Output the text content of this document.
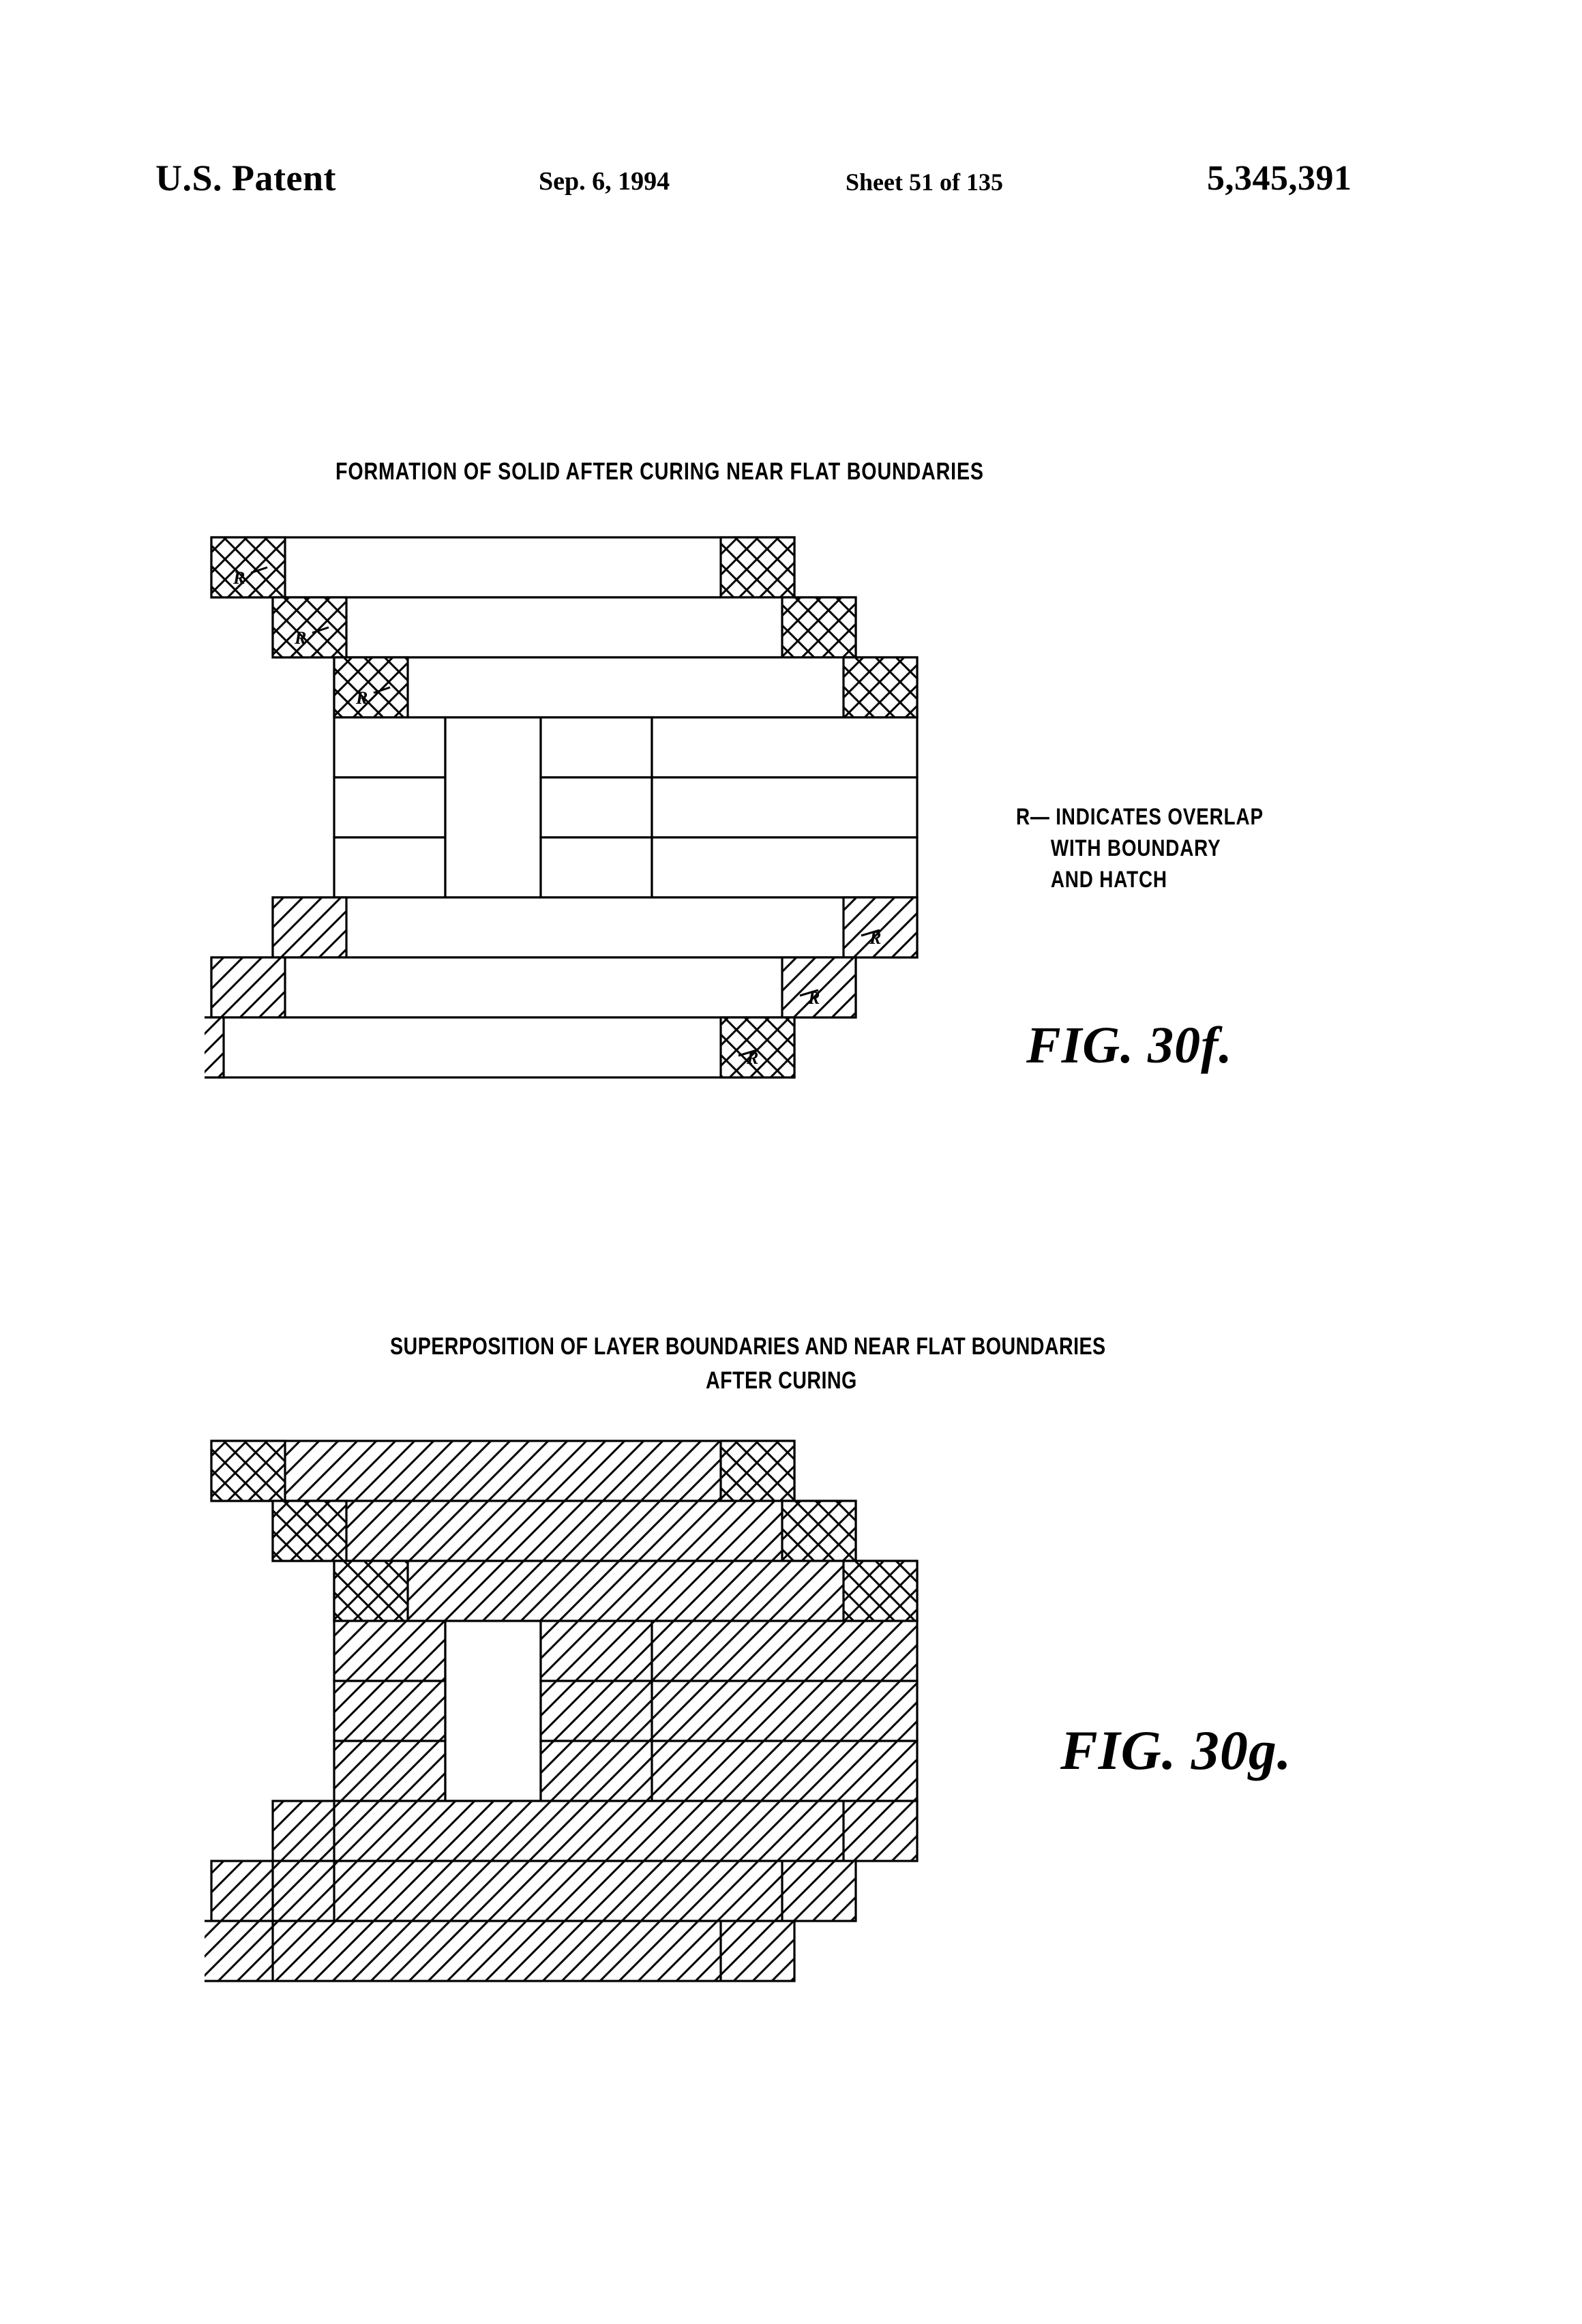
U.S. Patent	Sep. 6, 1994	Sheet 51 of 135	5,345,391
FORMATION OF SOLID AFTER CURING NEAR FLAT BOUNDARIES
R— INDICATES OVERLAP
WITH BOUNDARY
AND HATCH
FIG. 30f.
R
R
R
R
R
R
SUPERPOSITION OF LAYER BOUNDARIES AND NEAR FLAT BOUNDARIES
AFTER CURING
FIG. 30g.
